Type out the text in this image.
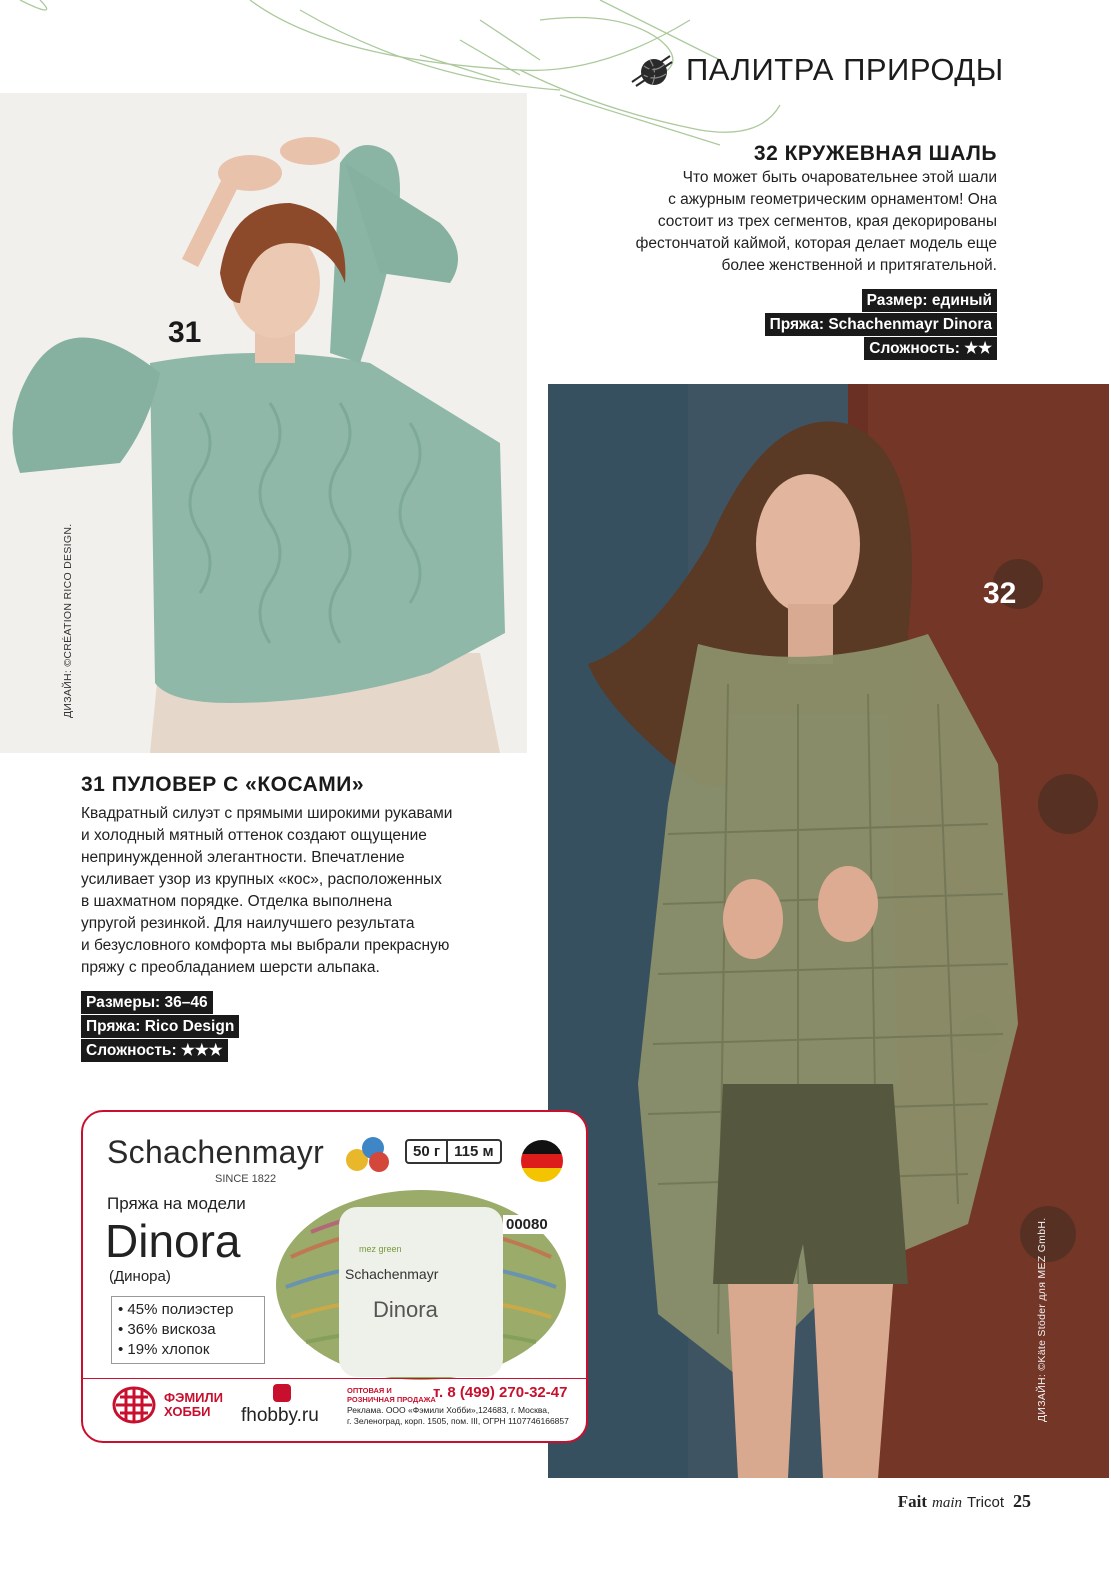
ПАЛИТРА ПРИРОДЫ
31
ДИЗАЙН: ©CRÉATION RICO DESIGN.	32
ДИЗАЙН: ©Käte Stöder для MEZ GmbH.
32 КРУЖЕВНАЯ ШАЛЬ

Что может быть очаровательнее этой шали

с ажурным геометрическим орнаментом! Она

состоит из трех сегментов, края декорированы

фестончатой каймой, которая делает модель еще

более женственной и притягательной.

Размер: единый
Пряжа: Schachenmayr Dinora
Сложность: ★★
31 ПУЛОВЕР С «КОСАМИ»

Квадратный силуэт с прямыми широкими рукавами

и холодный мятный оттенок создают ощущение

непринужденной элегантности. Впечатление

усиливает узор из крупных «кос», расположенных

в шахматном порядке. Отделка выполнена

упругой резинкой. Для наилучшего результата

и безусловного комфорта мы выбрали прекрасную

пряжу с преобладанием шерсти альпака.

Размеры: 36–46
Пряжа: Rico Design
Сложность: ★★★
Schachenmayr
SINCE 1822
50 г 115 м
Пряжа на модели
Dinora
(Динора)
• 45% полиэстер
• 36% вискоза
• 19% хлопок
mez green
Schachenmayr
Dinora
00080
ФЭМИЛИ
ХОББИ	fhobby.ru
ОПТОВАЯ И РОЗНИЧНАЯ ПРОДАЖА
т. 8 (499) 270-32-47
Реклама. ООО «Фэмили Хобби»,124683, г. Москва,
г. Зеленоград, корп. 1505, пом. III, ОГРН 1107746166857
Fait main Tricot 25
